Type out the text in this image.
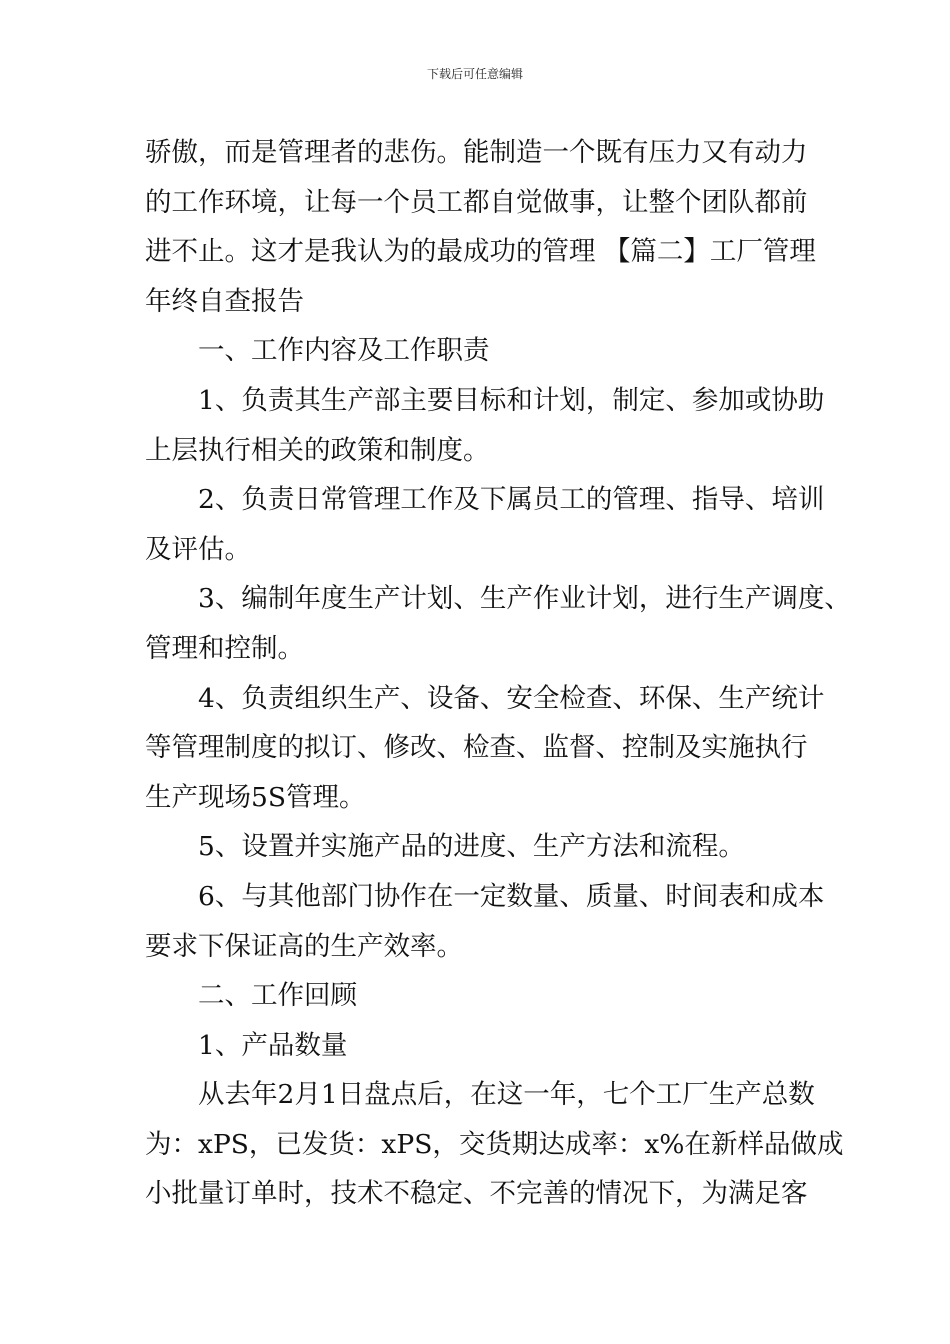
下载后可任意编辑
骄傲，而是管理者的悲伤。能制造一个既有压力又有动力
的工作环境，让每一个员工都自觉做事，让整个团队都前
进不止。这才是我认为的最成功的管理 【篇二】工厂管理
年终自查报告
一、工作内容及工作职责
1、负责其生产部主要目标和计划，制定、参加或协助
上层执行相关的政策和制度。
2、负责日常管理工作及下属员工的管理、指导、培训
及评估。
3、编制年度生产计划、生产作业计划，进行生产调度、
管理和控制。
4、负责组织生产、设备、安全检查、环保、生产统计
等管理制度的拟订、修改、检查、监督、控制及实施执行
生产现场5S管理。
5、设置并实施产品的进度、生产方法和流程。
6、与其他部门协作在一定数量、质量、时间表和成本
要求下保证高的生产效率。
二、工作回顾
1、产品数量
从去年2月1日盘点后，在这一年，七个工厂生产总数
为：xPS，已发货：xPS，交货期达成率：x%在新样品做成
小批量订单时，技术不稳定、不完善的情况下，为满足客
